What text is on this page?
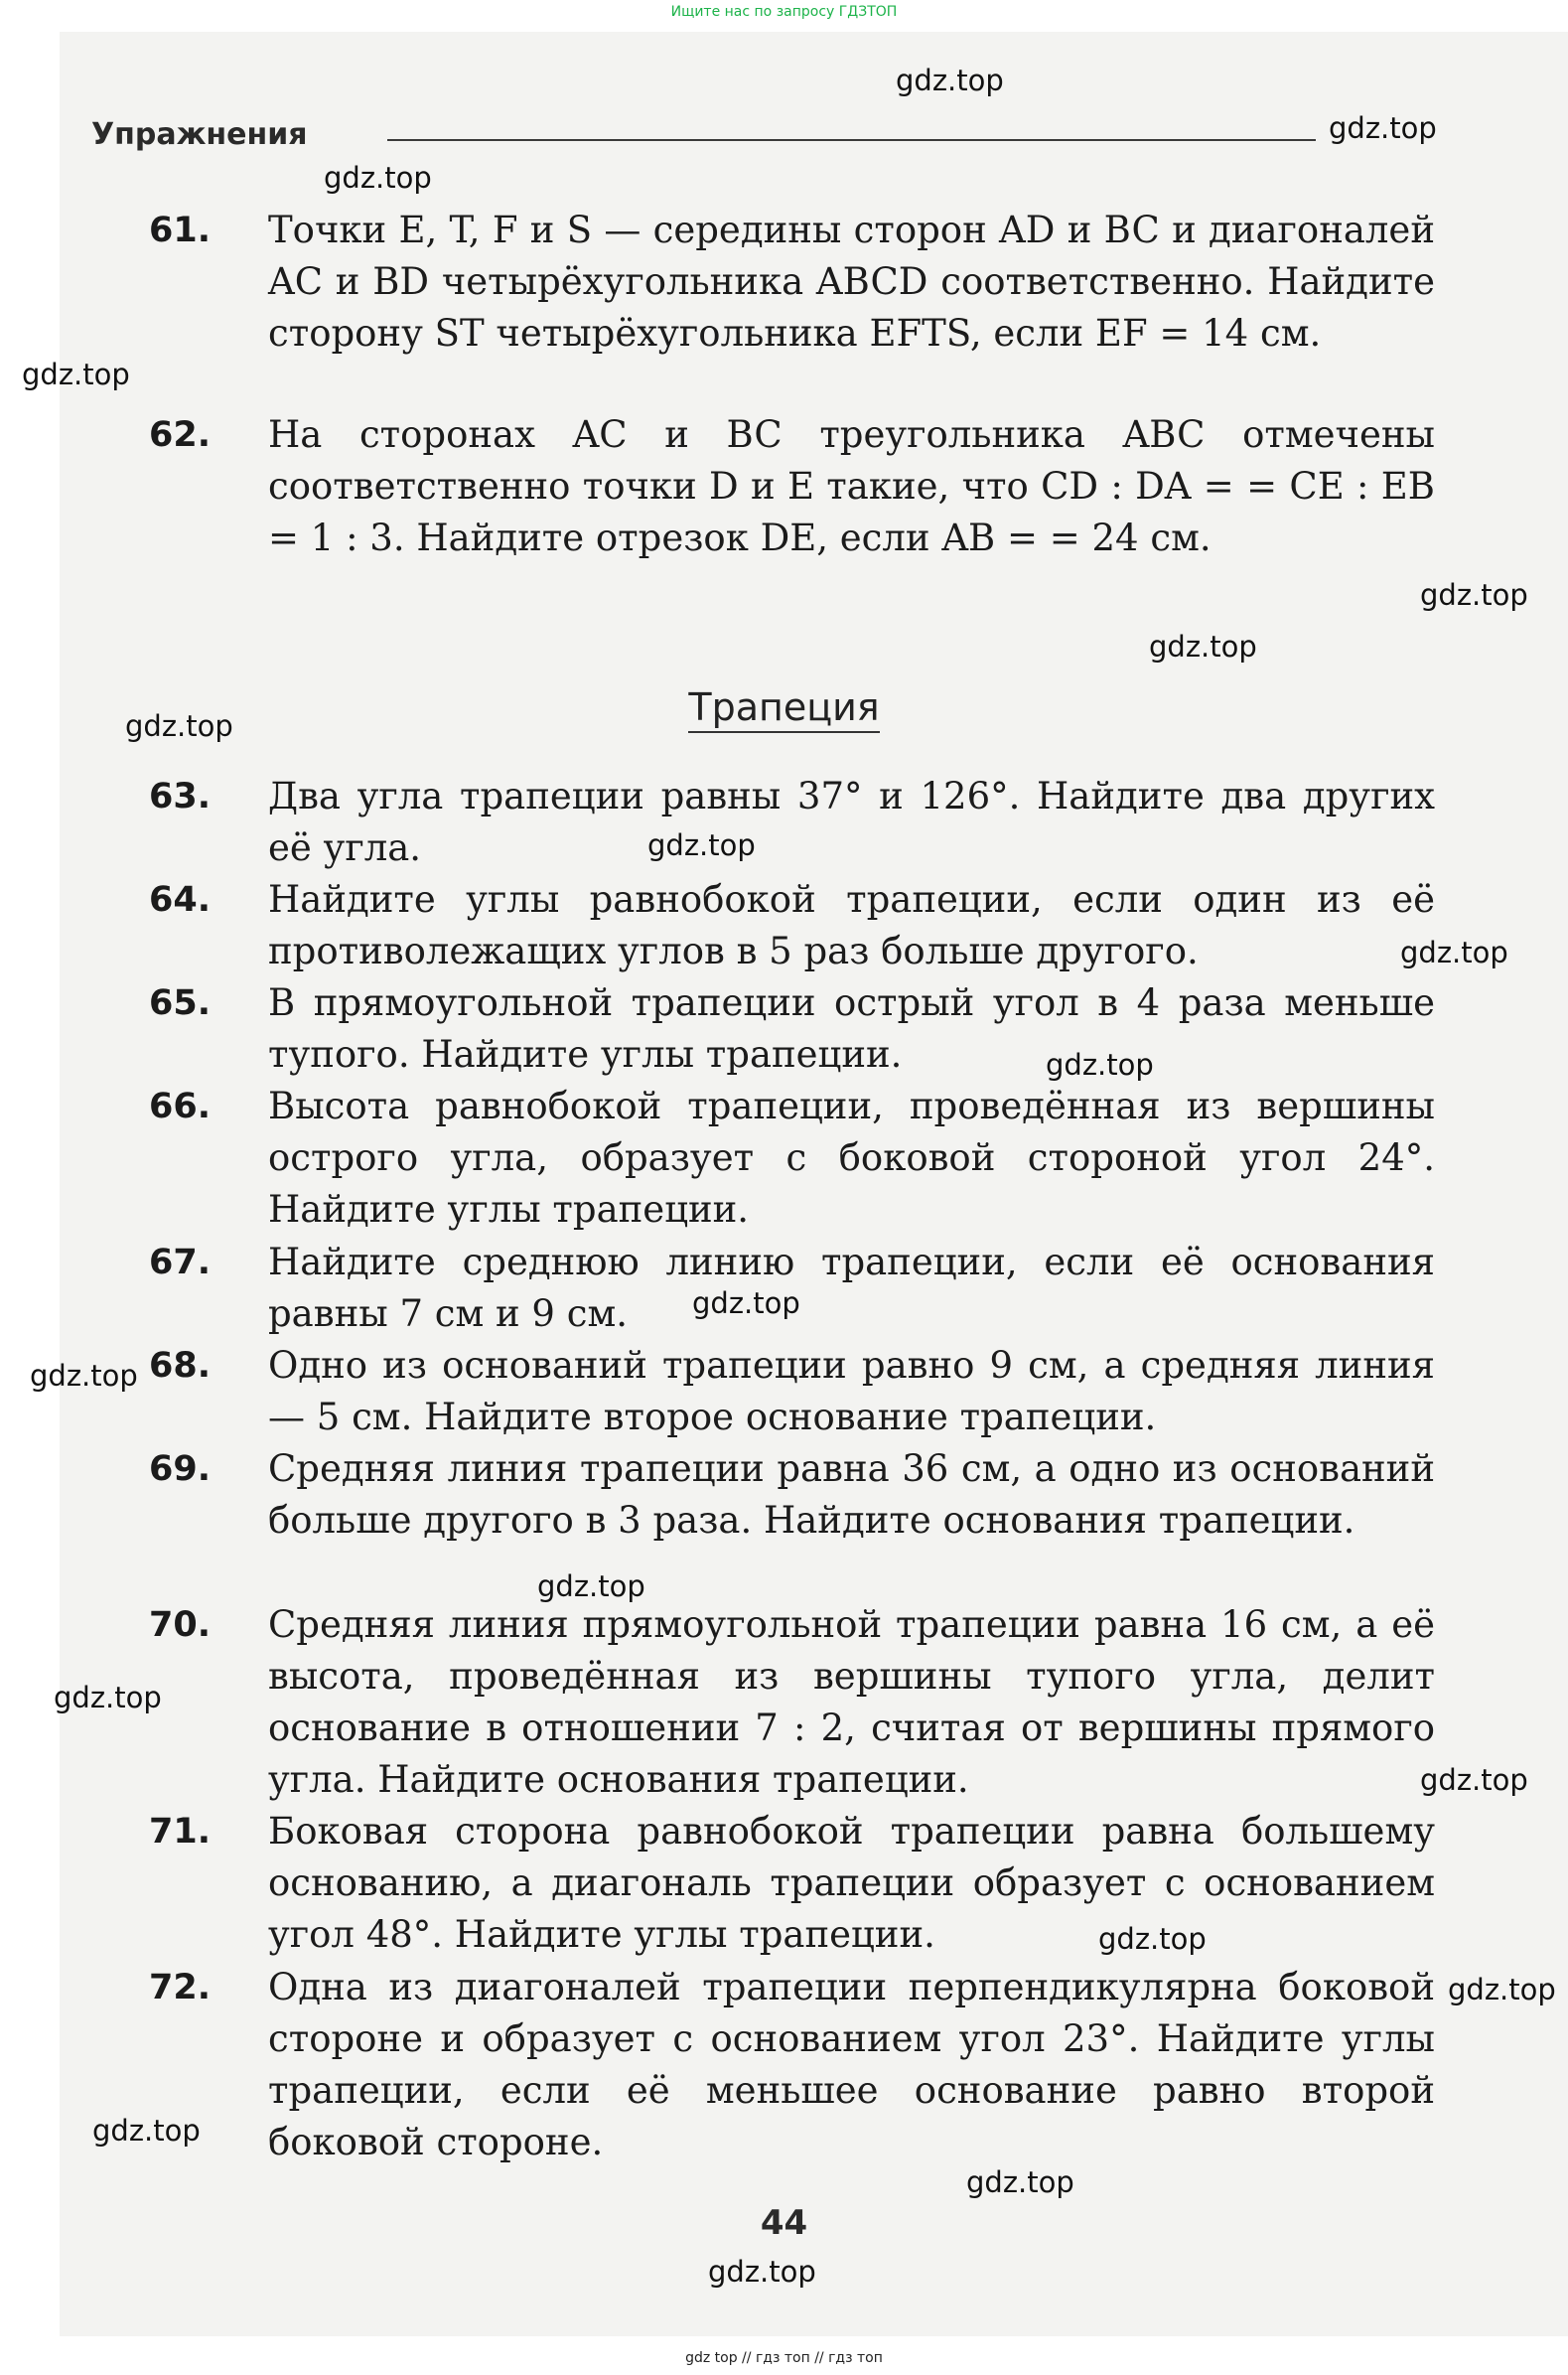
Ищите нас по запросу ГДЗТОП
Упражнения
61. Точки E, T, F и S — середины сторон AD и BC и диагоналей AC и BD четырёхугольника ABCD соответственно. Найдите сторону ST четырёхугольника EFTS, если EF = 14 см.
62. На сторонах AC и BC треугольника ABC отмечены соответственно точки D и E такие, что CD : DA = = CE : EB = 1 : 3. Найдите отрезок DE, если AB = = 24 см.
Трапеция
63. Два угла трапеции равны 37° и 126°. Найдите два других её угла.
64. Найдите углы равнобокой трапеции, если один из её противолежащих углов в 5 раз больше другого.
65. В прямоугольной трапеции острый угол в 4 раза меньше тупого. Найдите углы трапеции.
66. Высота равнобокой трапеции, проведённая из вершины острого угла, образует с боковой стороной угол 24°. Найдите углы трапеции.
67. Найдите среднюю линию трапеции, если её основания равны 7 см и 9 см.
68. Одно из оснований трапеции равно 9 см, а средняя линия — 5 см. Найдите второе основание трапеции.
69. Средняя линия трапеции равна 36 см, а одно из оснований больше другого в 3 раза. Найдите основания трапеции.
70. Средняя линия прямоугольной трапеции равна 16 см, а её высота, проведённая из вершины тупого угла, делит основание в отношении 7 : 2, считая от вершины прямого угла. Найдите основания трапеции.
71. Боковая сторона равнобокой трапеции равна большему основанию, а диагональ трапеции образует с основанием угол 48°. Найдите углы трапеции.
72. Одна из диагоналей трапеции перпендикулярна боковой стороне и образует с основанием угол 23°. Найдите углы трапеции, если её меньшее основание равно второй боковой стороне.
44
gdz.top
gdz.top
gdz.top
gdz.top
gdz.top
gdz.top
gdz.top
gdz.top
gdz.top
gdz.top
gdz.top
gdz.top
gdz.top
gdz.top
gdz.top
gdz.top
gdz.top
gdz.top
gdz.top
gdz.top
gdz top // гдз топ // гдз топ
